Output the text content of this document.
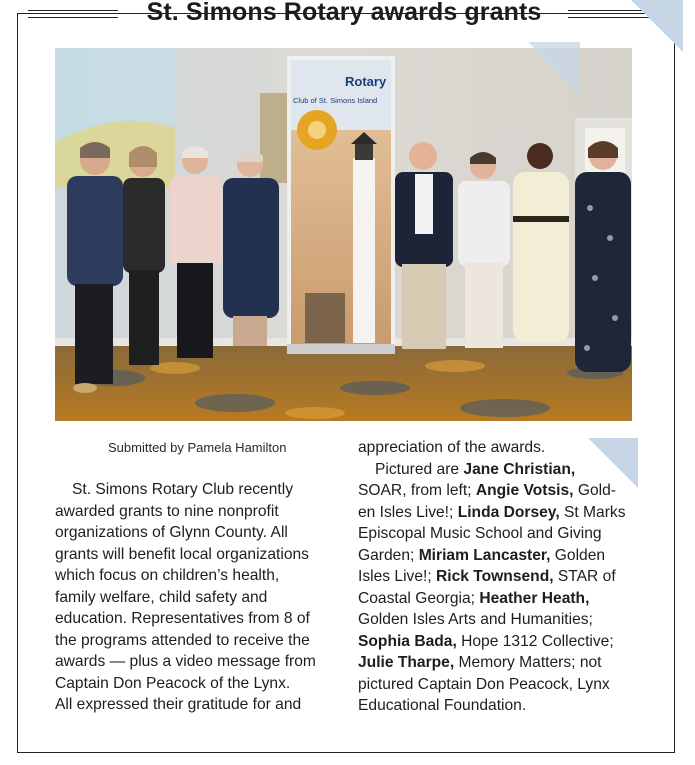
St. Simons Rotary awards grants
Rotary
Club of St. Simons Island
Submitted by Pamela Hamilton
St. Simons Rotary Club recently
awarded grants to nine nonprofit
organizations of Glynn County. All
grants will benefit local organizations
which focus on children’s health,
family welfare, child safety and
education. Representatives from 8 of
the programs attended to receive the
awards — plus a video message from
Captain Don Peacock of the Lynx.
All expressed their gratitude for and
appreciation of the awards.
Pictured are Jane Christian,
SOAR, from left; Angie Votsis, Gold-
en Isles Live!; Linda Dorsey, St Marks
Episcopal Music School and Giving
Garden; Miriam Lancaster, Golden
Isles Live!; Rick Townsend, STAR of
Coastal Georgia; Heather Heath,
Golden Isles Arts and Humanities;
Sophia Bada, Hope 1312 Collective;
Julie Tharpe, Memory Matters; not
pictured Captain Don Peacock, Lynx
Educational Foundation.
